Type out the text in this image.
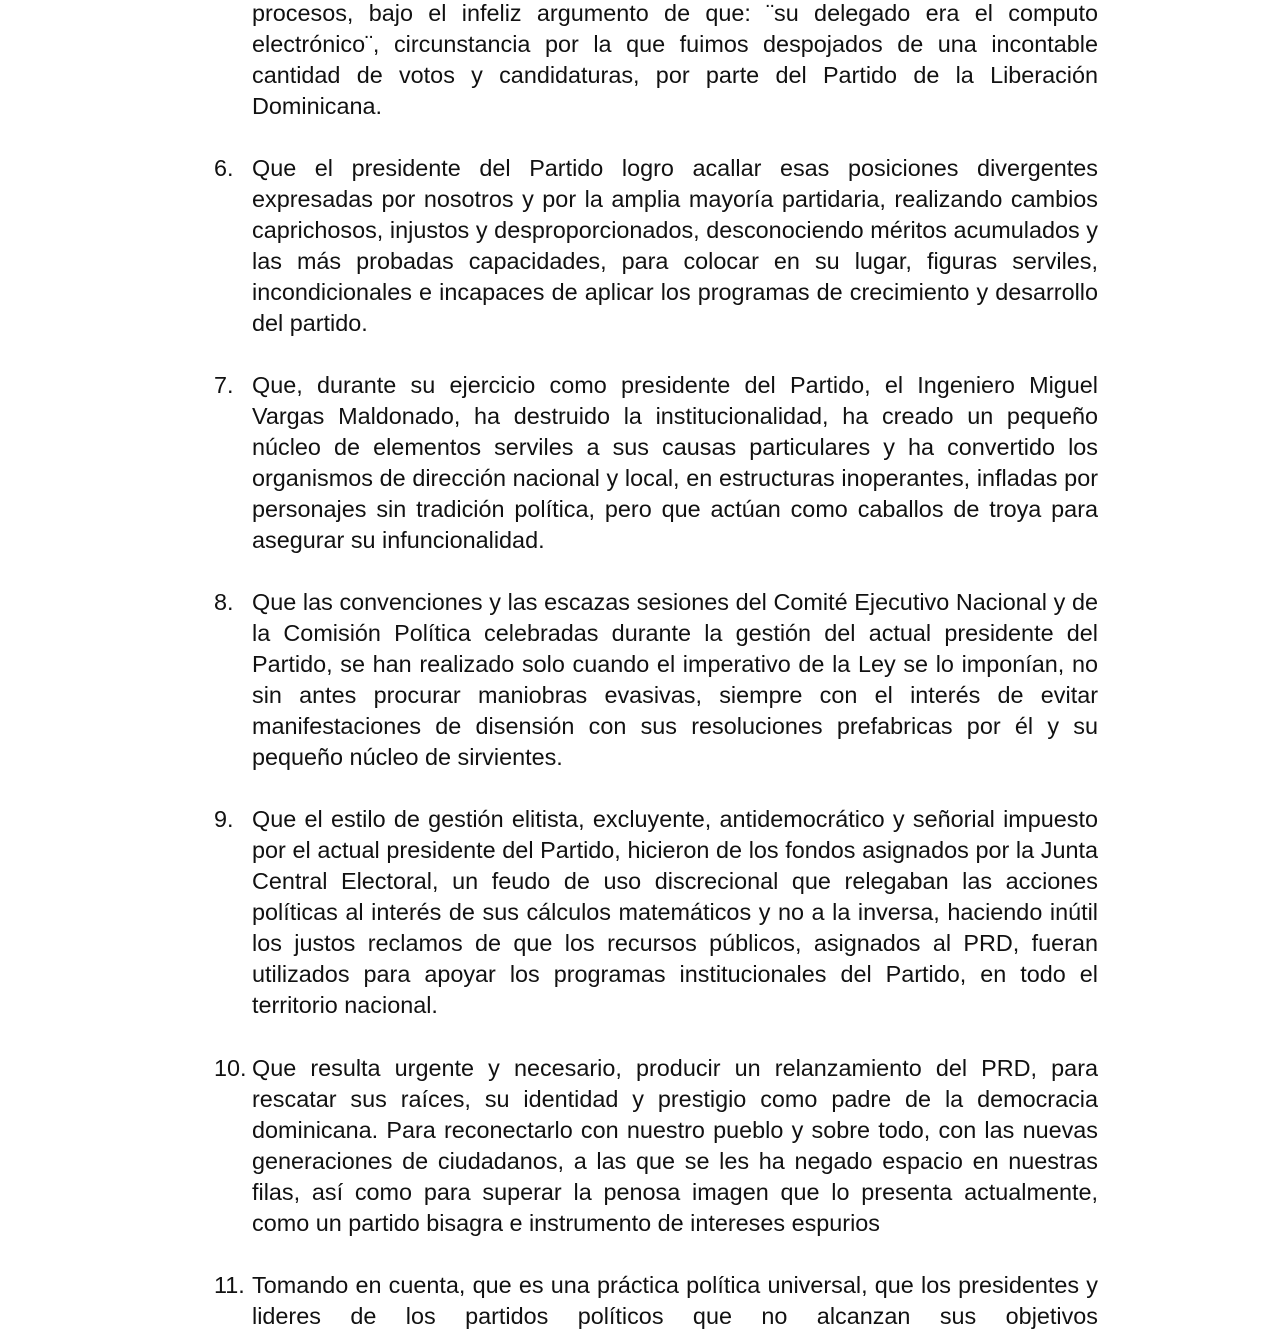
procesos, bajo el infeliz argumento de que: ¨su delegado era el computo electrónico¨, circunstancia por la que fuimos despojados de una incontable cantidad de votos y candidaturas, por parte del Partido de la Liberación Dominicana.
6. Que el presidente del Partido logro acallar esas posiciones divergentes expresadas por nosotros y por la amplia mayoría partidaria, realizando cambios caprichosos, injustos y desproporcionados, desconociendo méritos acumulados y las más probadas capacidades, para colocar en su lugar, figuras serviles, incondicionales e incapaces de aplicar los programas de crecimiento y desarrollo del partido.
7. Que, durante su ejercicio como presidente del Partido, el Ingeniero Miguel Vargas Maldonado, ha destruido la institucionalidad, ha creado un pequeño núcleo de elementos serviles a sus causas particulares y ha convertido los organismos de dirección nacional y local, en estructuras inoperantes, infladas por personajes sin tradición política, pero que actúan como caballos de troya para asegurar su infuncionalidad.
8. Que las convenciones y las escazas sesiones del Comité Ejecutivo Nacional y de la Comisión Política celebradas durante la gestión del actual presidente del Partido, se han realizado solo cuando el imperativo de la Ley se lo imponían, no sin antes procurar maniobras evasivas, siempre con el interés de evitar manifestaciones de disensión con sus resoluciones prefabricas por él y su pequeño núcleo de sirvientes.
9. Que el estilo de gestión elitista, excluyente, antidemocrático y señorial impuesto por el actual presidente del Partido, hicieron de los fondos asignados por la Junta Central Electoral, un feudo de uso discrecional que relegaban las acciones políticas al interés de sus cálculos matemáticos y no a la inversa, haciendo inútil los justos reclamos de que los recursos públicos, asignados al PRD, fueran utilizados para apoyar los programas institucionales del Partido, en todo el territorio nacional.
10. Que resulta urgente y necesario, producir un relanzamiento del PRD, para rescatar sus raíces, su identidad y prestigio como padre de la democracia dominicana. Para reconectarlo con nuestro pueblo y sobre todo, con las nuevas generaciones de ciudadanos, a las que se les ha negado espacio en nuestras filas, así como para superar la penosa imagen que lo presenta actualmente, como un partido bisagra e instrumento de intereses espurios
11. Tomando en cuenta, que es una práctica política universal, que los presidentes y lideres de los partidos políticos que no alcanzan sus objetivos
